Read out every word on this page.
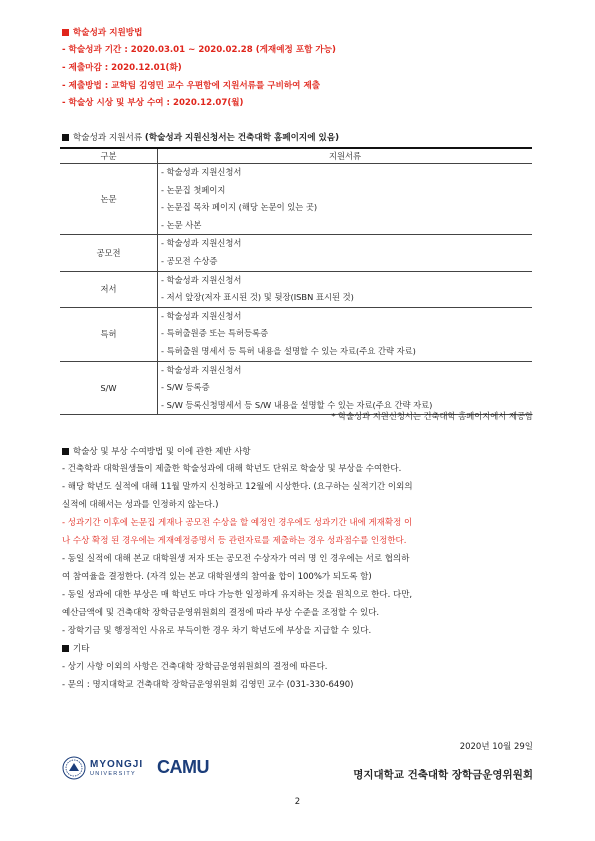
학술성과 지원방법
- 학술성과 기간 : 2020.03.01 ~ 2020.02.28 (게재예정 포함 가능)
- 제출마감 : 2020.12.01(화)
- 제출방법 : 교학팀 김영민 교수 우편함에 지원서류를 구비하여 제출
- 학술상 시상 및 부상 수여 : 2020.12.07(월)
학술성과 지원서류 (학술성과 지원신청서는 건축대학 홈페이지에 있음)
구분	지원서류
논문	- 학술성과 지원신청서
- 논문집 첫페이지
- 논문집 목차 페이지 (해당 논문이 있는 곳)
- 논문 사본

공모전	- 학술성과 지원신청서
- 공모전 수상증

저서	- 학술성과 지원신청서
- 저서 앞장(저자 표시된 것) 및 뒷장(ISBN 표시된 것)

특허	- 학술성과 지원신청서
- 특허출원증 또는 특허등록증
- 특허출원 명세서 등 특허 내용을 설명할 수 있는 자료(주요 간략 자료)

S/W	- 학술성과 지원신청서
- S/W 등록증
- S/W 등록신청명세서 등 S/W 내용을 설명할 수 있는 자료(주요 간략 자료)
* 학술성과 지원신청서는 건축대학 홈페이지에서 제공함
학술상 및 부상 수여방법 및 이에 관한 제반 사항
- 건축학과 대학원생들이 제출한 학술성과에 대해 학년도 단위로 학술상 및 부상을 수여한다.
- 해당 학년도 실적에 대해 11월 말까지 신청하고 12월에 시상한다. (요구하는 실적기간 이외의
실적에 대해서는 성과를 인정하지 않는다.)
- 성과기간 이후에 논문집 게재나 공모전 수상을 할 예정인 경우에도 성과기간 내에 게재확정 이
나 수상 확정 된 경우에는 게재예정증명서 등 관련자료를 제출하는 경우 성과점수를 인정한다.
- 동일 실적에 대해 본교 대학원생 저자 또는 공모전 수상자가 여러 명 인 경우에는 서로 협의하
여 참여율을 결정한다. (자격 있는 본교 대학원생의 참여율 합이 100%가 되도록 함)
- 동일 성과에 대한 부상은 매 학년도 마다 가능한 일정하게 유지하는 것을 원칙으로 한다. 다만,
예산금액에 및 건축대학 장학금운영위원회의 결정에 따라 부상 수준을 조정할 수 있다.
- 장학기금 및 행정적인 사유로 부득이한 경우 차기 학년도에 부상을 지급할 수 있다.
기타
- 상기 사항 이외의 사항은 건축대학 장학금운영위원회의 결정에 따른다.
- 문의 : 명지대학교 건축대학 장학금운영위원회 김영민 교수 (031-330-6490)
2020년 10월 29일
MYONGJI
UNIVERSITY CAMU	명지대학교 건축대학 장학금운영위원회
2
